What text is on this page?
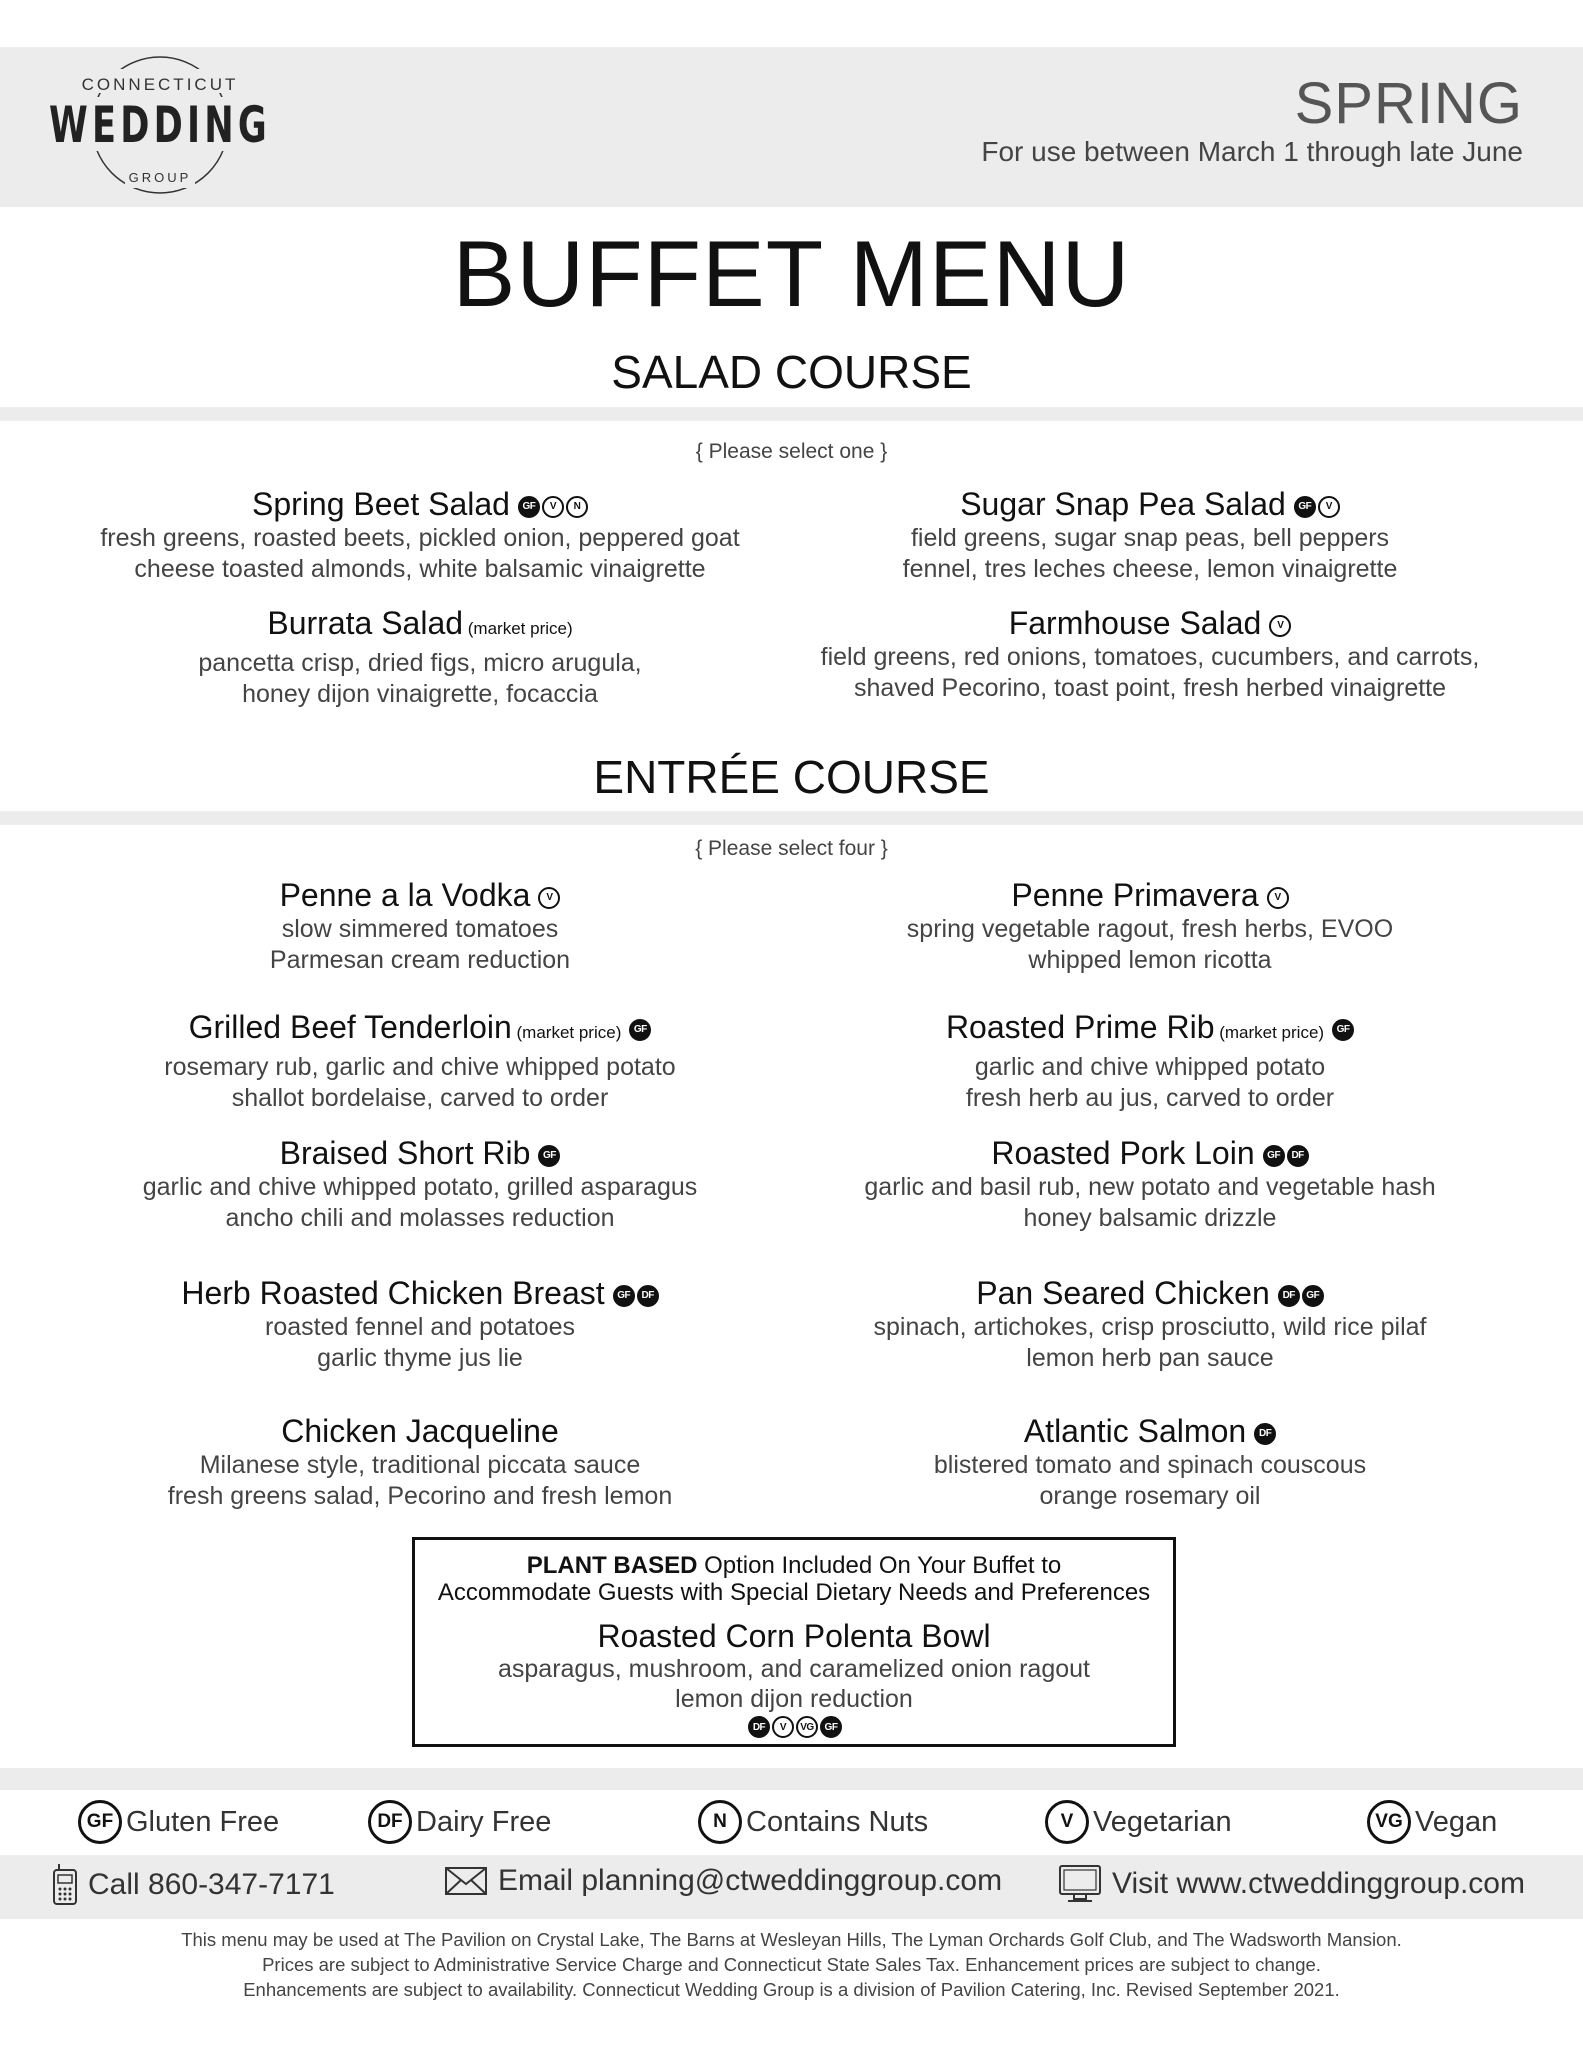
CONNECTICUT
WEDDING
GROUP
SPRING
For use between March 1 through late June
BUFFET MENU
SALAD COURSE
{ Please select one }
Spring Beet Salad GF V N
fresh greens, roasted beets, pickled onion, peppered goat
cheese toasted almonds, white balsamic vinaigrette
Sugar Snap Pea Salad GF V
field greens, sugar snap peas, bell peppers
fennel, tres leches cheese, lemon vinaigrette
Burrata Salad (market price)
pancetta crisp, dried figs, micro arugula,
honey dijon vinaigrette, focaccia
Farmhouse Salad V
field greens, red onions, tomatoes, cucumbers, and carrots,
shaved Pecorino, toast point, fresh herbed vinaigrette
ENTRÉE COURSE
{ Please select four }
Penne a la Vodka V
slow simmered tomatoes
Parmesan cream reduction
Penne Primavera V
spring vegetable ragout, fresh herbs, EVOO
whipped lemon ricotta
Grilled Beef Tenderloin (market price) GF
rosemary rub, garlic and chive whipped potato
shallot bordelaise, carved to order
Roasted Prime Rib (market price) GF
garlic and chive whipped potato
fresh herb au jus, carved to order
Braised Short Rib GF
garlic and chive whipped potato, grilled asparagus
ancho chili and molasses reduction
Roasted Pork Loin GF DF
garlic and basil rub, new potato and vegetable hash
honey balsamic drizzle
Herb Roasted Chicken Breast GF DF
roasted fennel and potatoes
garlic thyme jus lie
Pan Seared Chicken DF GF
spinach, artichokes, crisp prosciutto, wild rice pilaf
lemon herb pan sauce
Chicken Jacqueline
Milanese style, traditional piccata sauce
fresh greens salad, Pecorino and fresh lemon
Atlantic Salmon DF
blistered tomato and spinach couscous
orange rosemary oil
PLANT BASED Option Included On Your Buffet to
Accommodate Guests with Special Dietary Needs and Preferences
Roasted Corn Polenta Bowl
asparagus, mushroom, and caramelized onion ragout
lemon dijon reduction
DF V VG GF
GF Gluten Free	DF Dairy Free	N Contains Nuts	V Vegetarian	VG Vegan
Call 860-347-7171	Email planning@ctweddinggroup.com	Visit www.ctweddinggroup.com
This menu may be used at The Pavilion on Crystal Lake, The Barns at Wesleyan Hills, The Lyman Orchards Golf Club, and The Wadsworth Mansion.
Prices are subject to Administrative Service Charge and Connecticut State Sales Tax. Enhancement prices are subject to change.
Enhancements are subject to availability. Connecticut Wedding Group is a division of Pavilion Catering, Inc. Revised September 2021.
